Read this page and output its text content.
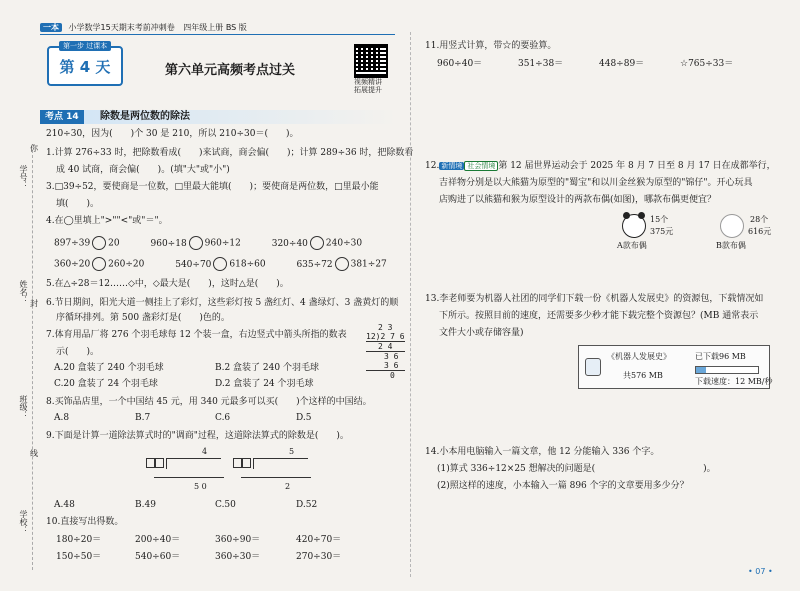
一本 小学数学15天期末考前冲刺卷 四年级上册 BS 版
第一步 过课本
第 4 天	第六单元高频考点过关
视频精讲
拓展提升
学号：
姓名：
班级：
学校：
你
封
线
考点 14	除数是两位数的除法
210÷30，因为(　　)个 30 是 210，所以 210÷30＝(　　)。
1.计算 276÷33 时，把除数看成(　　)来试商，商会偏(　　)；计算 289÷36 时，把除数看
成 40 试商，商会偏(　　)。(填"大"或"小")
3.□39÷52，要使商是一位数，□里最大能填(　　)；要使商是两位数，□里最小能
填(　　)。
4.在◯里填上">""<"或"＝"。
897÷39 20	960÷18 960÷12	320÷40 240÷30
360÷20 260÷20	540÷70 618÷60	635÷72 381÷27
5.在△÷28＝12……◇中，◇最大是(　　)，这时△是(　　)。
6.节日期间，阳光大道一侧挂上了彩灯，这些彩灯按 5 盏红灯、4 盏绿灯、3 盏黄灯的顺
序循环排列。第 500 盏彩灯是(　　)色的。
7.体育用品厂将 276 个羽毛球每 12 个装一盒，右边竖式中箭头所指的数表
示(　　)。
2 3
12)2 7 6
2 4
3 6
3 6
0
A.20 盒装了 240 个羽毛球	B.2 盒装了 240 个羽毛球
C.20 盒装了 24 个羽毛球	D.2 盒装了 24 个羽毛球
8.买饰品店里，一个中国结 45 元，用 340 元最多可以买(　　)个这样的中国结。
A.8	B.7	C.6	D.5
9.下面是计算一道除法算式时的"调商"过程，这道除法算式的除数是(　　)。
4
5 0
5
2
A.48	B.49	C.50	D.52
10.直接写出得数。
180÷20＝	200÷40＝	360÷90＝	420÷70＝
150÷50＝	540÷60＝	360÷30＝	270÷30＝
11.用竖式计算，带☆的要验算。
960÷40＝	351÷38＝	448÷89＝	☆765÷33＝
12. 新情境 社会情境 第 12 届世界运动会于 2025 年 8 月 7 日至 8 月 17 日在成都举行，
吉祥物分别是以大熊猫为原型的"蜀宝"和以川金丝猴为原型的"锦仔"。开心玩具
店购进了以熊猫和猴为原型设计的两款布偶(如图)，哪款布偶更便宜？
15个
375元
A款布偶
28个
616元
B款布偶
13.李老师要为机器人社团的同学们下载一份《机器人发展史》的资源包，下载情况如
下所示。按照目前的速度，还需要多少秒才能下载完整个资源包？(MB 通常表示
文件大小或存储容量)
《机器人发展史》
共576 MB
已下载96 MB
下载速度：12 MB/秒
14.小本用电脑输入一篇文章，他 12 分能输入 336 个字。
(1)算式 336÷12×25 想解决的问题是(　　　　　　　　　　　　)。
(2)照这样的速度，小本输入一篇 896 个字的文章要用多少分？
• 07 •
